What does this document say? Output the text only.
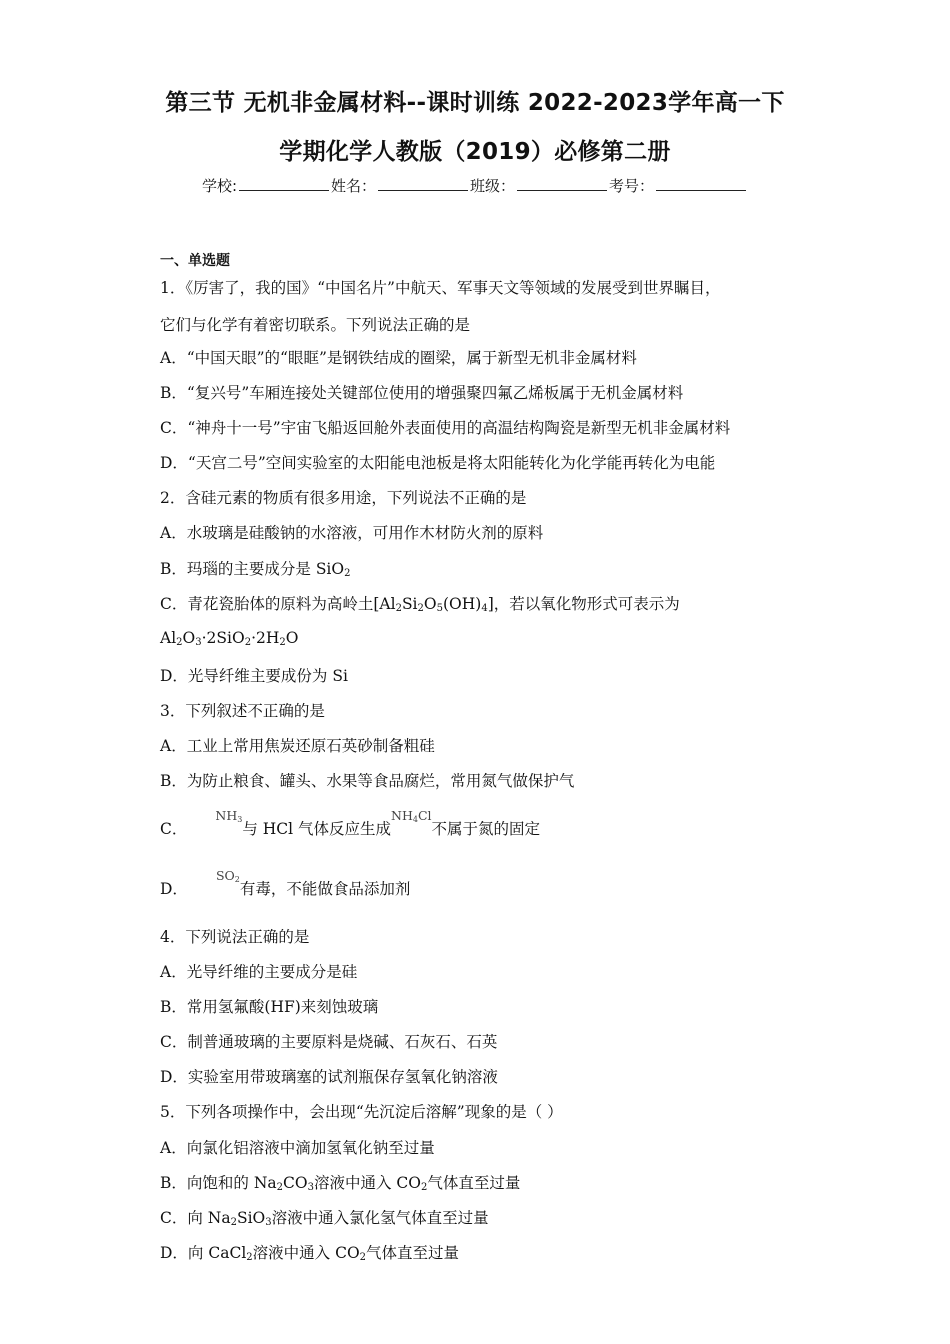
第三节 无机非金属材料--课时训练 2022-2023学年高一下
学期化学人教版（2019）必修第二册
学校:	姓名：	班级：	考号：
一、单选题
1．《厉害了，我的国》“中国名片”中航天、军事天文等领域的发展受到世界瞩目，
它们与化学有着密切联系。下列说法正确的是
A．“中国天眼”的“眼眶”是钢铁结成的圈梁，属于新型无机非金属材料
B．“复兴号”车厢连接处关键部位使用的增强聚四氟乙烯板属于无机金属材料
C．“神舟十一号”宇宙飞船返回舱外表面使用的高温结构陶瓷是新型无机非金属材料
D．“天宫二号”空间实验室的太阳能电池板是将太阳能转化为化学能再转化为电能
2．含硅元素的物质有很多用途，下列说法不正确的是
A．水玻璃是硅酸钠的水溶液，可用作木材防火剂的原料
B．玛瑙的主要成分是 SiO$_2$
C．青花瓷胎体的原料为高岭土$[Al_2Si_2O_5(OH)_4]$，若以氧化物形式可表示为
$Al_2O_3\cdot 2SiO_2\cdot 2H_2O$
D．光导纤维主要成份为 Si
3．下列叙述不正确的是
A．工业上常用焦炭还原石英砂制备粗硅
B．为防止粮食、罐头、水果等食品腐烂，常用氮气做保护气
C．$^{NH_3}$与 HCl 气体反应生成$^{NH_4Cl}$不属于氮的固定
D．$^{SO_2}$有毒，不能做食品添加剂
4．下列说法正确的是
A．光导纤维的主要成分是硅
B．常用氢氟酸(HF)来刻蚀玻璃
C．制普通玻璃的主要原料是烧碱、石灰石、石英
D．实验室用带玻璃塞的试剂瓶保存氢氧化钠溶液
5．下列各项操作中，会出现“先沉淀后溶解”现象的是（ ）
A．向氯化铝溶液中滴加氢氧化钠至过量
B．向饱和的 $Na_2CO_3$溶液中通入 $CO_2$气体直至过量
C．向 $Na_2SiO_3$溶液中通入氯化氢气体直至过量
D．向 CaCl$_2$溶液中通入 $CO_2$气体直至过量
